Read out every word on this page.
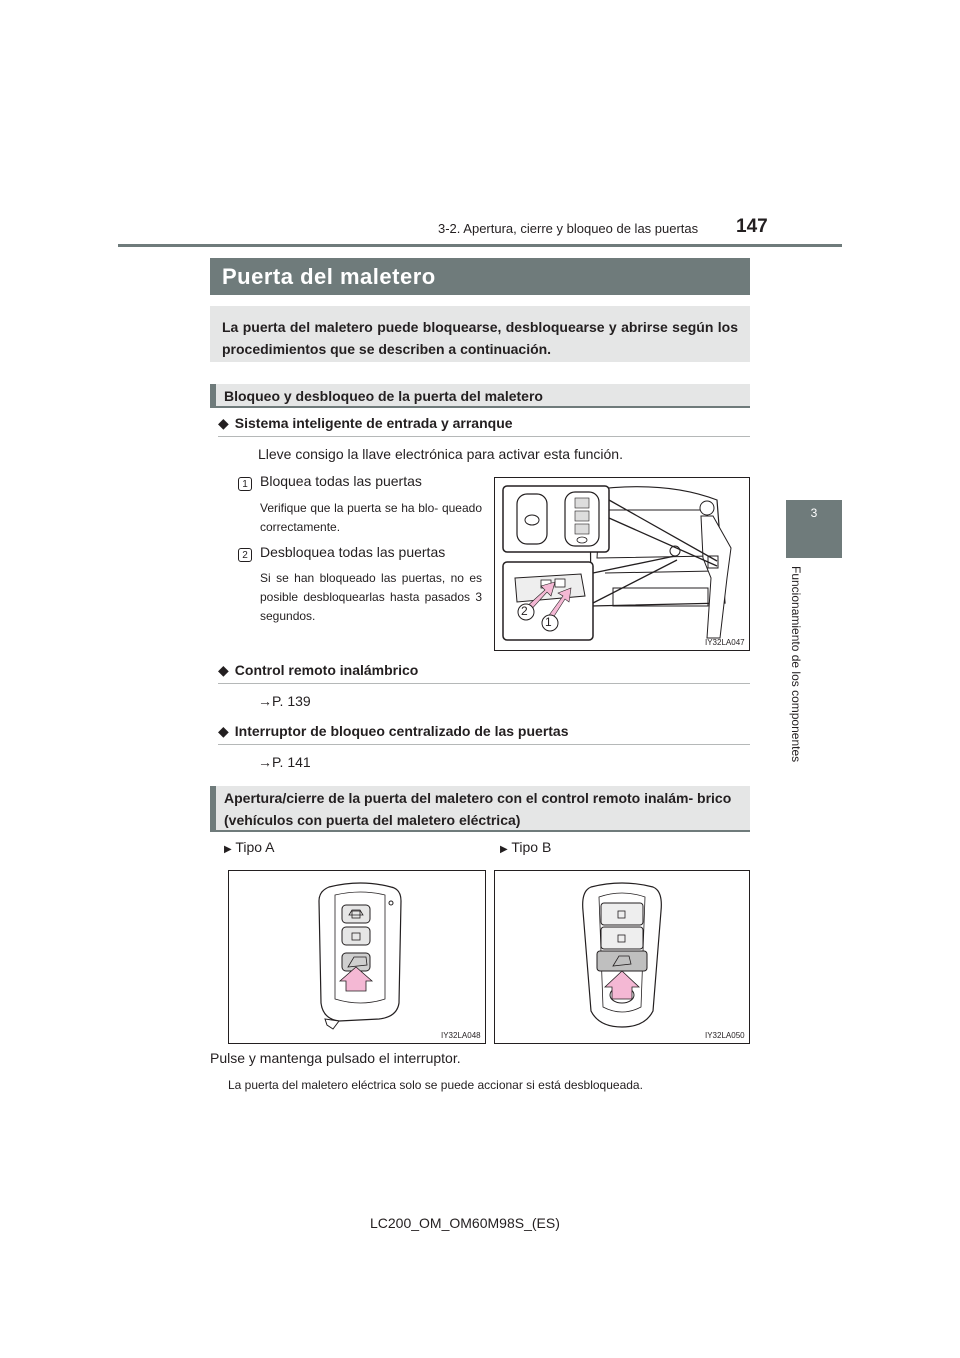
3-2. Apertura, cierre y bloqueo de las puertas 147
3
Funcionamiento de los componentes
Puerta del maletero
La puerta del maletero puede bloquearse, desbloquearse y abrirse según los procedimientos que se describen a continuación.
Bloqueo y desbloqueo de la puerta del maletero
◆ Sistema inteligente de entrada y arranque
Lleve consigo la llave electrónica para activar esta función.
1 Bloquea todas las puertas
Verifique que la puerta se ha blo- queado correctamente.
2 Desbloquea todas las puertas
Si se han bloqueado las puertas, no es posible desbloquearlas hasta pasados 3 segundos.	2
1
IY32LA047
◆ Control remoto inalámbrico
→P. 139
◆ Interruptor de bloqueo centralizado de las puertas
→P. 141
Apertura/cierre de la puerta del maletero con el control remoto inalám- brico (vehículos con puerta del maletero eléctrica)
▶ Tipo A	▶ Tipo B
IY32LA048	IY32LA050
Pulse y mantenga pulsado el interruptor.
La puerta del maletero eléctrica solo se puede accionar si está desbloqueada.
LC200_OM_OM60M98S_(ES)
